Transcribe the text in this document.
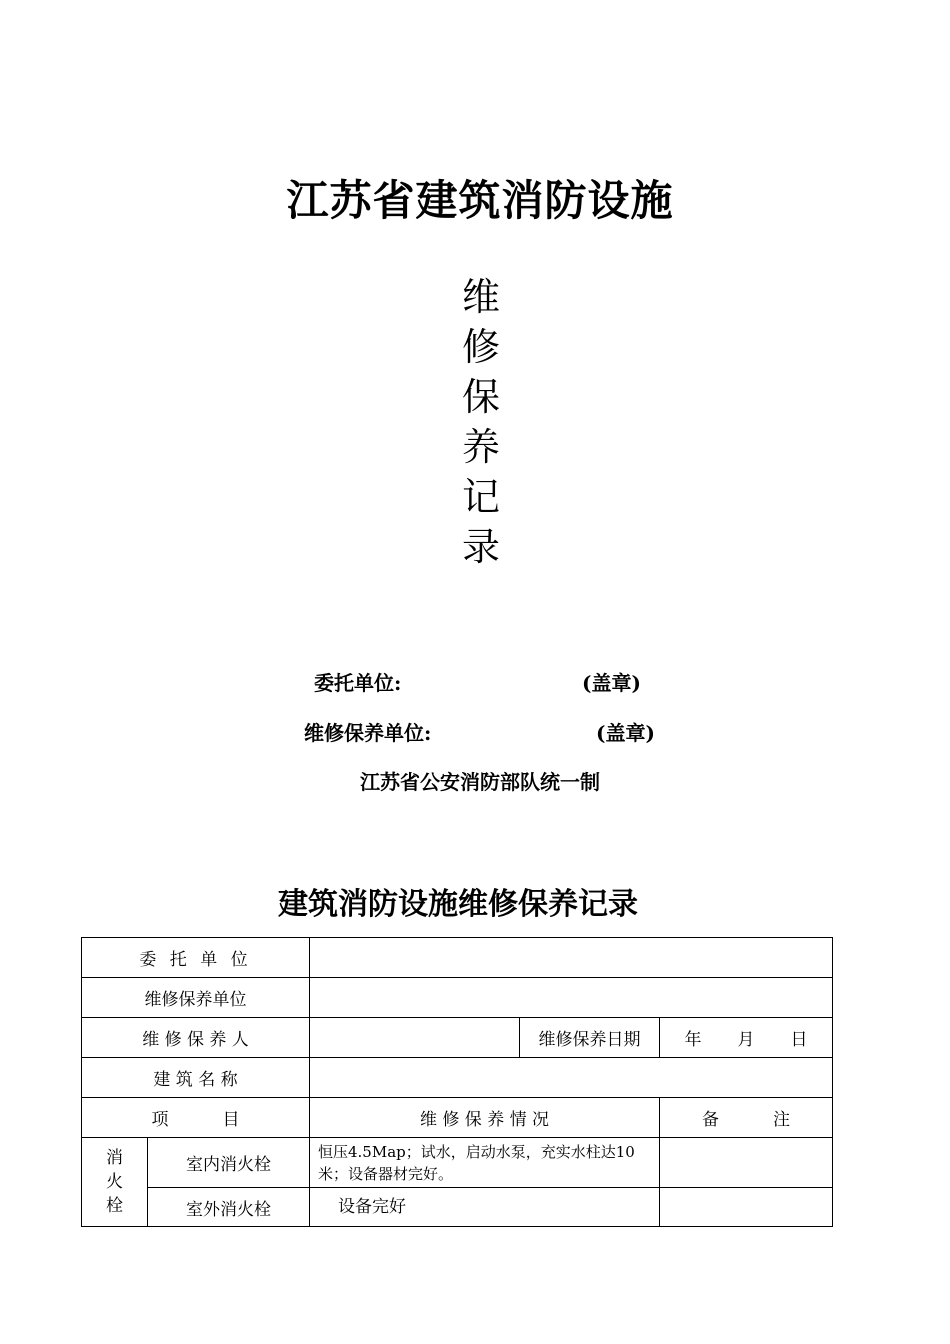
江苏省建筑消防设施
维
修
保
养
记
录
委托单位:	(盖章)
维修保养单位:	(盖章)
江苏省公安消防部队统一制
建筑消防设施维修保养记录
委 托 单 位				
维修保养单位				
维 修 保 养 人			维修保养日期	年 月 日
建 筑 名 称				
项          目		维 修 保 养 情 况		备          注

消
火
栓	室内消火栓	恒压4.5Map；试水，启动水泵，充实水柱达10米；设备器材完好。		
	室外消火栓	设备完好		
